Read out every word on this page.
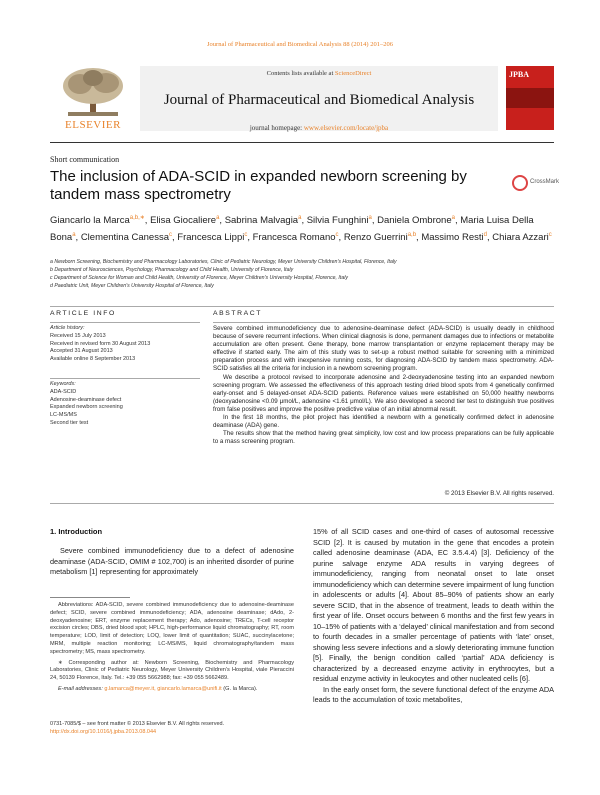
Journal of Pharmaceutical and Biomedical Analysis 88 (2014) 201–206
ELSEVIER
Contents lists available at ScienceDirect
Journal of Pharmaceutical and Biomedical Analysis
journal homepage: www.elsevier.com/locate/jpba
JPBA
Short communication
The inclusion of ADA-SCID in expanded newborn screening by tandem mass spectrometry
CrossMark
Giancarlo la Marca$^{a,b,∗}$, Elisa Giocaliere$^a$, Sabrina Malvagia$^a$, Silvia Funghini$^a$, Daniela Ombrone$^a$, Maria Luisa Della Bona$^a$, Clementina Canessa$^c$, Francesca Lippi$^c$, Francesca Romano$^c$, Renzo Guerrini$^{a,b}$, Massimo Resti$^d$, Chiara Azzari$^c$
a Newborn Screening, Biochemistry and Pharmacology Laboratories, Clinic of Pediatric Neurology, Meyer University Children's Hospital, Florence, Italy
b Department of Neurosciences, Psychology, Pharmacology and Child Health, University of Florence, Italy
c Department of Science for Woman and Child Health, University of Florence, Meyer Children's University Hospital, Florence, Italy
d Paediatric Unit, Meyer Children's University Hospital of Florence, Italy
ARTICLE INFO
Article history:
Received 15 July 2013
Received in revised form 30 August 2013
Accepted 31 August 2013
Available online 8 September 2013
Keywords:
ADA-SCID
Adenosine-deaminase defect
Expanded newborn screening
LC-MS/MS
Second tier test
ABSTRACT

Severe combined immunodeficiency due to adenosine-deaminase defect (ADA-SCID) is usually deadly in childhood because of severe recurrent infections. When clinical diagnosis is done, permanent damages due to infections or metabolite accumulation are often present. Gene therapy, bone marrow transplantation or enzyme replacement therapy may be effective if started early. The aim of this study was to set-up a robust method suitable for screening with a minimized preparation process and with inexpensive running costs, for diagnosing ADA-SCID by tandem mass spectrometry. ADA-SCID satisfies all the criteria for inclusion in a newborn screening program.

We describe a protocol revised to incorporate adenosine and 2-deoxyadenosine testing into an expanded newborn screening program. We assessed the effectiveness of this approach testing dried blood spots from 4 genetically confirmed early-onset and 5 delayed-onset ADA-SCID patients. Reference values were established on 50,000 healthy newborns (deoxyadenosine <0.09 μmol/L, adenosine <1.61 μmol/L). We also developed a second tier test to distinguish true positives from false positives and improve the positive predictive value of an initial abnormal result.

In the first 18 months, the pilot project has identified a newborn with a genetically confirmed defect in adenosine deaminase (ADA) gene.

The results show that the method having great simplicity, low cost and low process preparations can be fully applicable to a mass screening program.

© 2013 Elsevier B.V. All rights reserved.
1. Introduction

Severe combined immunodeficiency due to a defect of adenosine deaminase (ADA-SCID, OMIM # 102,700) is an inherited disorder of purine metabolism [1] representing for approximately

Abbreviations: ADA-SCID, severe combined immunodeficiency due to adenosine-deaminase defect; SCID, severe combined immunodeficiency; ADA, adenosine deaminase; dAdo, 2-deoxyadenosine; ERT, enzyme replacement therapy; Ado, adenosine; TRECs, T-cell receptor excision circles; DBS, dried blood spot; HPLC, high-performance liquid chromatography; RT, room temperature; LOD, limit of detection; LOQ, lower limit of quantitation; SUAC, succinylacetone; MRM, multiple reaction monitoring; LC-MS/MS, liquid chromatography/tandem mass spectrometry; MS, mass spectrometry.

∗ Corresponding author at: Newborn Screening, Biochemistry and Pharmacology Laboratories, Clinic of Pediatric Neurology, Meyer University Children's Hospital, viale Pieraccini 24, 50139 Florence, Italy. Tel.: +39 055 5662988; fax: +39 055 5662489.

E-mail addresses: g.lamarca@meyer.it, giancarlo.lamarca@unifi.it (G. la Marca).

0731-7085/$ – see front matter © 2013 Elsevier B.V. All rights reserved.
http://dx.doi.org/10.1016/j.jpba.2013.08.044

15% of all SCID cases and one-third of cases of autosomal recessive SCID [2]. It is caused by mutation in the gene that encodes a protein called adenosine deaminase (ADA, EC 3.5.4.4) [3]. Deficiency of the purine salvage enzyme ADA results in varying degrees of immunodeficiency, ranging from neonatal onset to late onset immunodeficiency which can determine severe impairment of lung function in adolescents or adults [4]. About 85–90% of patients show an early severe SCID, that in the absence of treatment, leads to death within the first year of life. Onset occurs between 6 months and the first few years in 10–15% of patients with a ‘delayed’ clinical manifestation and from second to fourth decades in a smaller percentage of patients with ‘late’ onset, showing less severe infections and a slowly deteriorating immune function [5]. Finally, the benign condition called ‘partial’ ADA deficiency is characterized by a decreased enzyme activity in erythrocytes, but a residual enzyme activity in leukocytes and other nucleated cells [6].

In the early onset form, the severe functional defect of the enzyme ADA leads to the accumulation of toxic metabolites,
